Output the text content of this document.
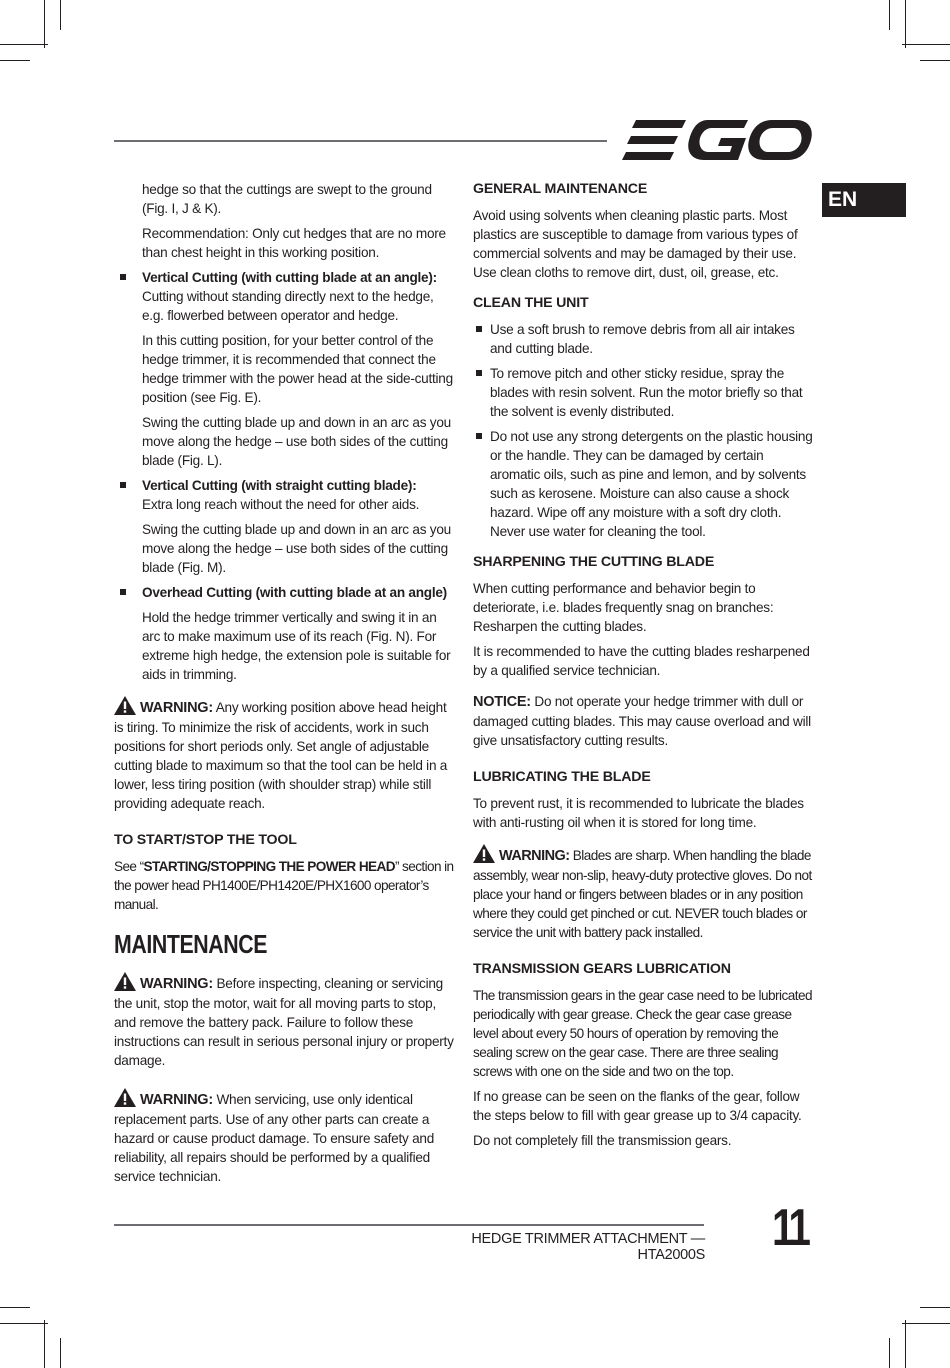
EN
hedge so that the cuttings are swept to the ground (Fig. I, J & K).
Recommendation: Only cut hedges that are no more than chest height in this working position.
Vertical Cutting (with cutting blade at an angle):
Cutting without standing directly next to the hedge, e.g. flowerbed between operator and hedge.
In this cutting position, for your better control of the hedge trimmer, it is recommended that connect the hedge trimmer with the power head at the side-cutting position (see Fig. E).
Swing the cutting blade up and down in an arc as you move along the hedge – use both sides of the cutting blade (Fig. L).
Vertical Cutting (with straight cutting blade):
Extra long reach without the need for other aids.
Swing the cutting blade up and down in an arc as you move along the hedge – use both sides of the cutting blade (Fig. M).
Overhead Cutting (with cutting blade at an angle)
Hold the hedge trimmer vertically and swing it in an arc to make maximum use of its reach (Fig. N). For extreme high hedge, the extension pole is suitable for aids in trimming.
WARNING: Any working position above head height is tiring. To minimize the risk of accidents, work in such positions for short periods only. Set angle of adjustable cutting blade to maximum so that the tool can be held in a lower, less tiring position (with shoulder strap) while still providing adequate reach.
TO START/STOP THE TOOL
See “STARTING/STOPPING THE POWER HEAD” section in the power head PH1400E/PH1420E/PHX1600 operator’s manual.
MAINTENANCE
WARNING: Before inspecting, cleaning or servicing the unit, stop the motor, wait for all moving parts to stop, and remove the battery pack. Failure to follow these instructions can result in serious personal injury or property damage.
WARNING: When servicing, use only identical replacement parts. Use of any other parts can create a hazard or cause product damage. To ensure safety and reliability, all repairs should be performed by a qualified service technician.
GENERAL MAINTENANCE
Avoid using solvents when cleaning plastic parts. Most plastics are susceptible to damage from various types of commercial solvents and may be damaged by their use. Use clean cloths to remove dirt, dust, oil, grease, etc.
CLEAN THE UNIT
Use a soft brush to remove debris from all air intakes and cutting blade.
To remove pitch and other sticky residue, spray the blades with resin solvent. Run the motor briefly so that the solvent is evenly distributed.
Do not use any strong detergents on the plastic housing or the handle. They can be damaged by certain aromatic oils, such as pine and lemon, and by solvents such as kerosene. Moisture can also cause a shock hazard. Wipe off any moisture with a soft dry cloth. Never use water for cleaning the tool.
SHARPENING THE CUTTING BLADE
When cutting performance and behavior begin to deteriorate, i.e. blades frequently snag on branches: Resharpen the cutting blades.
It is recommended to have the cutting blades resharpened by a qualified service technician.
NOTICE: Do not operate your hedge trimmer with dull or damaged cutting blades. This may cause overload and will give unsatisfactory cutting results.
LUBRICATING THE BLADE
To prevent rust, it is recommended to lubricate the blades with anti-rusting oil when it is stored for long time.
WARNING: Blades are sharp. When handling the blade assembly, wear non-slip, heavy-duty protective gloves. Do not place your hand or fingers between blades or in any position where they could get pinched or cut. NEVER touch blades or service the unit with battery pack installed.
TRANSMISSION GEARS LUBRICATION
The transmission gears in the gear case need to be lubricated periodically with gear grease. Check the gear case grease level about every 50 hours of operation by removing the sealing screw on the gear case. There are three sealing screws with one on the side and two on the top.
If no grease can be seen on the flanks of the gear, follow the steps below to fill with gear grease up to 3/4 capacity.
Do not completely fill the transmission gears.
HEDGE TRIMMER ATTACHMENT — HTA2000S 11
